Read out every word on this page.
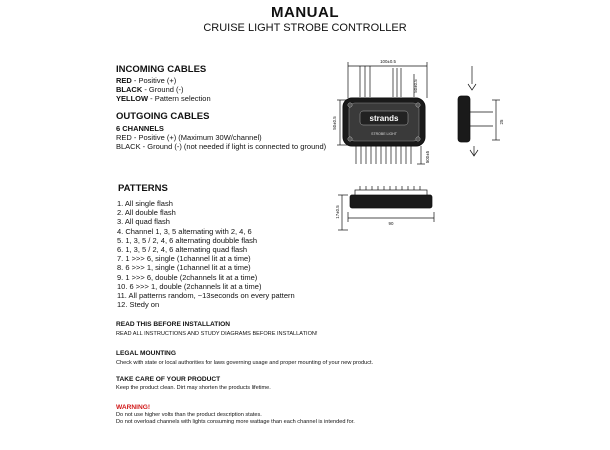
MANUAL
CRUISE LIGHT STROBE CONTROLLER
INCOMING CABLES
RED - Positive (+)
BLACK - Ground (-)
YELLOW - Pattern selection
OUTGOING CABLES
6 CHANNELS
RED - Positive (+) (Maximum 30W/channel)
BLACK - Ground (-) (not needed if light is connected to ground)
PATTERNS
1. All single flash
2. All double flash
3. All quad flash
4. Channel 1, 3, 5 alternating with 2, 4, 6
5. 1, 3, 5 / 2, 4, 6 alternating doubble flash
6. 1, 3, 5 / 2, 4, 6 alternating quad flash
7. 1 >>> 6, single (1channel lit at a time)
8. 6 >>> 1, single (1channel lit at a time)
9. 1 >>> 6, double (2channels lit at a time)
10. 6 >>> 1, double (2channels lit at a time)
11. All patterns random, ~13seconds on every pattern
12. Stedy on
READ THIS BEFORE INSTALLATION
READ ALL INSTRUCTIONS AND STUDY DIAGRAMS BEFORE INSTALLATION!
LEGAL MOUNTING
Check with state or local authorities for laws governing usage and proper mounting of your new product.
TAKE CARE OF YOUR PRODUCT
Keep the product clean. Dirt may shorten the products lifetime.
WARNING!
Do not use higher volts than the product description states.
Do not overload channels with lights consuming more wattage than each channel is intended for.
strands
STROBE LIGHT
100±0.5
50±0.5
50±0.5
500±5
25
90
17±0.5
